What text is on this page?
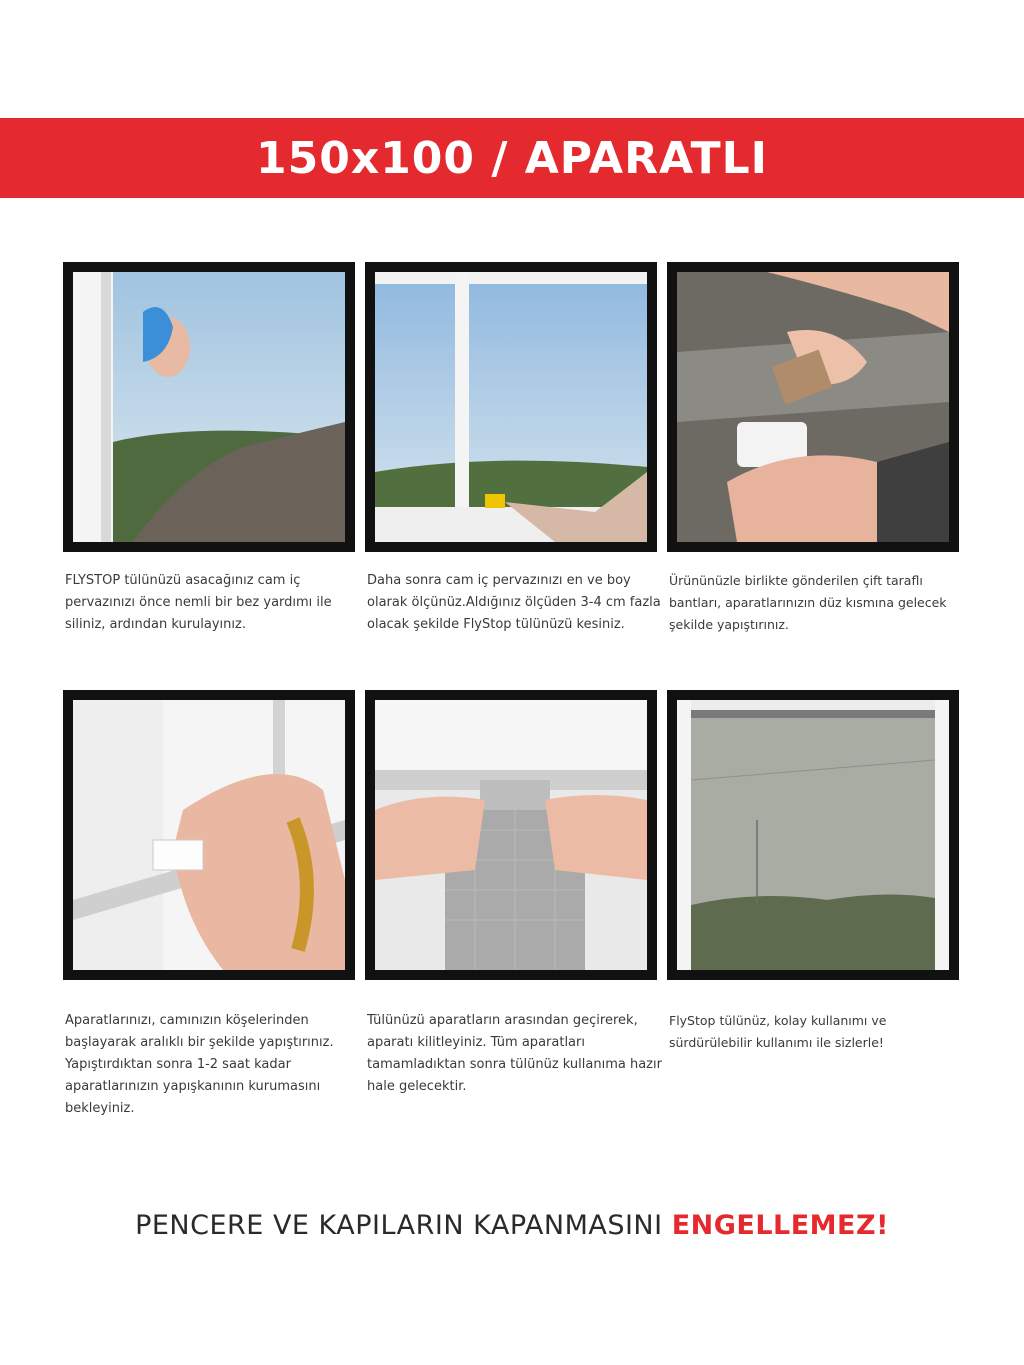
150x100 / APARATLI
FLYSTOP tülünüzü asacağınız cam iç pervazınızı önce nemli bir bez yardımı ile siliniz, ardından kurulayınız.
Daha sonra cam iç pervazınızı en ve boy olarak ölçünüz.Aldığınız ölçüden 3-4 cm fazla olacak şekilde FlyStop tülünüzü kesiniz.
Ürününüzle birlikte gönderilen çift taraflı bantları, aparatlarınızın düz kısmına gelecek şekilde yapıştırınız.
Aparatlarınızı, camınızın köşelerinden başlayarak aralıklı bir şekilde yapıştırınız. Yapıştırdıktan sonra 1-2 saat kadar aparatlarınızın yapışkanının kurumasını bekleyiniz.
Tülünüzü aparatların arasından geçirerek, aparatı kilitleyiniz. Tüm aparatları tamamladıktan sonra tülünüz kullanıma hazır hale gelecektir.
FlyStop tülünüz, kolay kullanımı ve sürdürülebilir kullanımı ile sizlerle!
PENCERE VE KAPILARIN KAPANMASINI ENGELLEMEZ!
